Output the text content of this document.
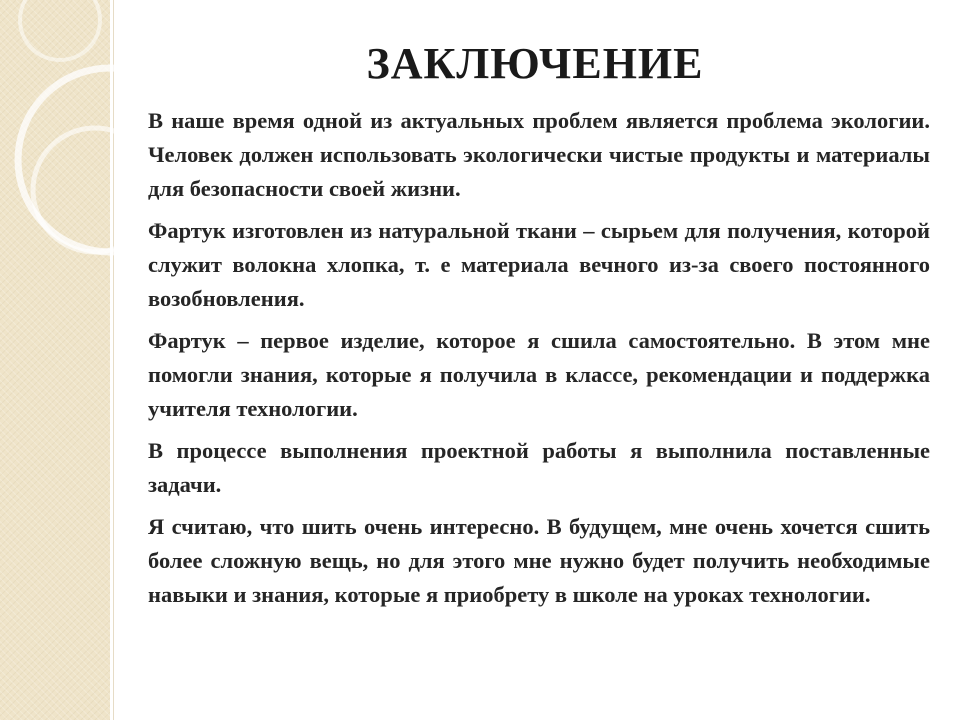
ЗАКЛЮЧЕНИЕ

В наше время одной из актуальных проблем является проблема экологии. Человек должен использовать экологически чистые продукты и материалы для безопасности своей жизни.

Фартук изготовлен из натуральной ткани – сырьем для получения, которой служит волокна хлопка, т. е материала вечного из-за своего постоянного возобновления.

Фартук – первое изделие, которое я сшила самостоятельно. В этом мне помогли знания, которые я получила в классе, рекомендации и поддержка учителя технологии.

В процессе выполнения проектной работы я выполнила поставленные задачи.

Я считаю, что шить очень интересно. В будущем, мне очень хочется сшить более сложную вещь, но для этого мне нужно будет получить необходимые навыки и знания, которые я приобрету в школе на уроках технологии.
